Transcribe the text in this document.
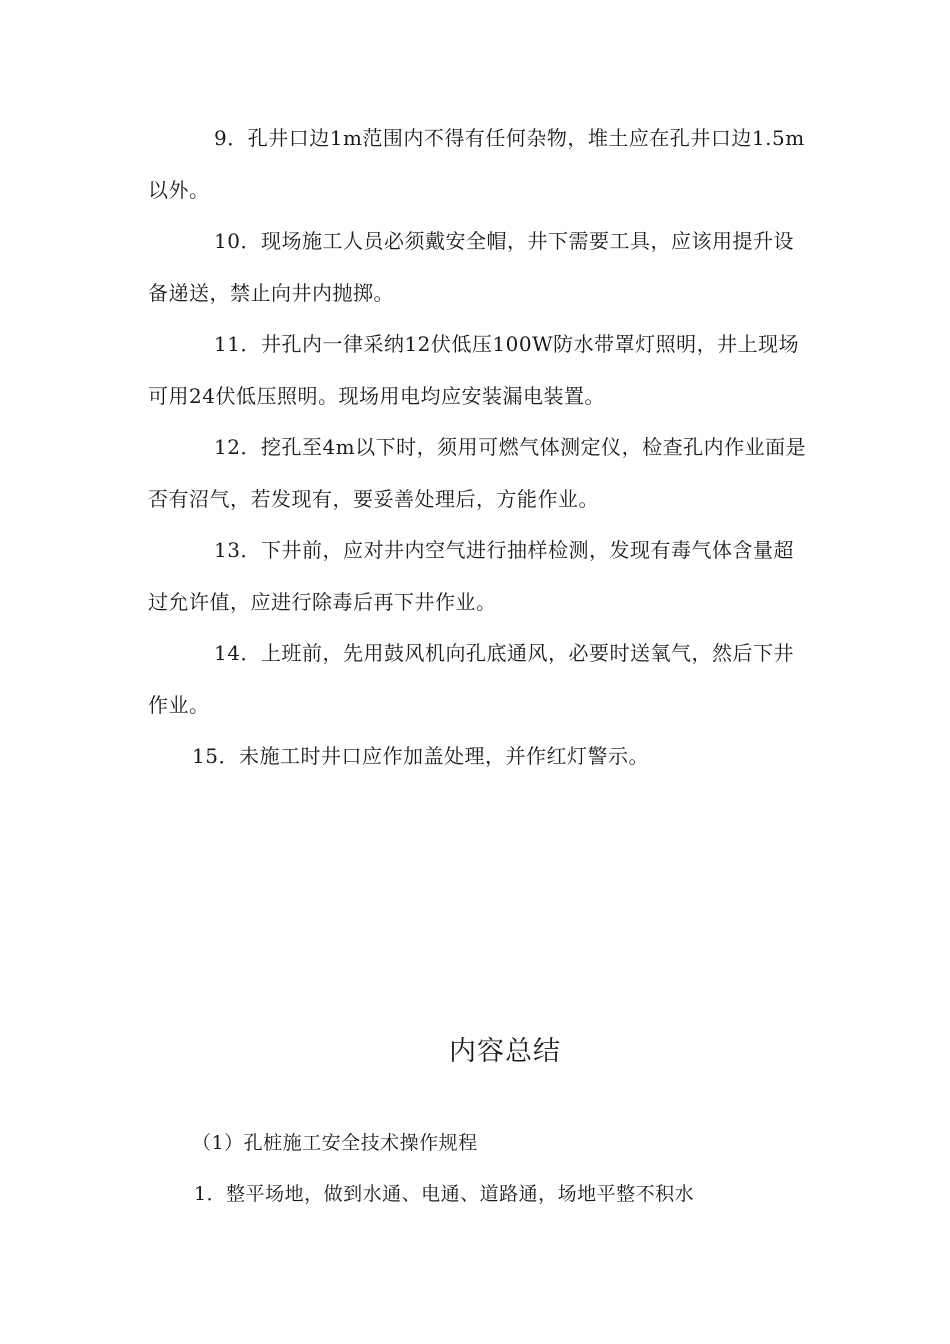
9．孔井口边1m范围内不得有任何杂物，堆土应在孔井口边1.5m以外。

10．现场施工人员必须戴安全帽，井下需要工具，应该用提升设备递送，禁止向井内抛掷。

11．井孔内一律采纳12伏低压100W防水带罩灯照明，井上现场可用24伏低压照明。现场用电均应安装漏电装置。

12．挖孔至4m以下时，须用可燃气体测定仪，检查孔内作业面是否有沼气，若发现有，要妥善处理后，方能作业。

13．下井前，应对井内空气进行抽样检测，发现有毒气体含量超过允许值，应进行除毒后再下井作业。

14．上班前，先用鼓风机向孔底通风，必要时送氧气，然后下井作业。

15．未施工时井口应作加盖处理，并作红灯警示。

内容总结

（1）孔桩施工安全技术操作规程

1．整平场地，做到水通、电通、道路通，场地平整不积水
